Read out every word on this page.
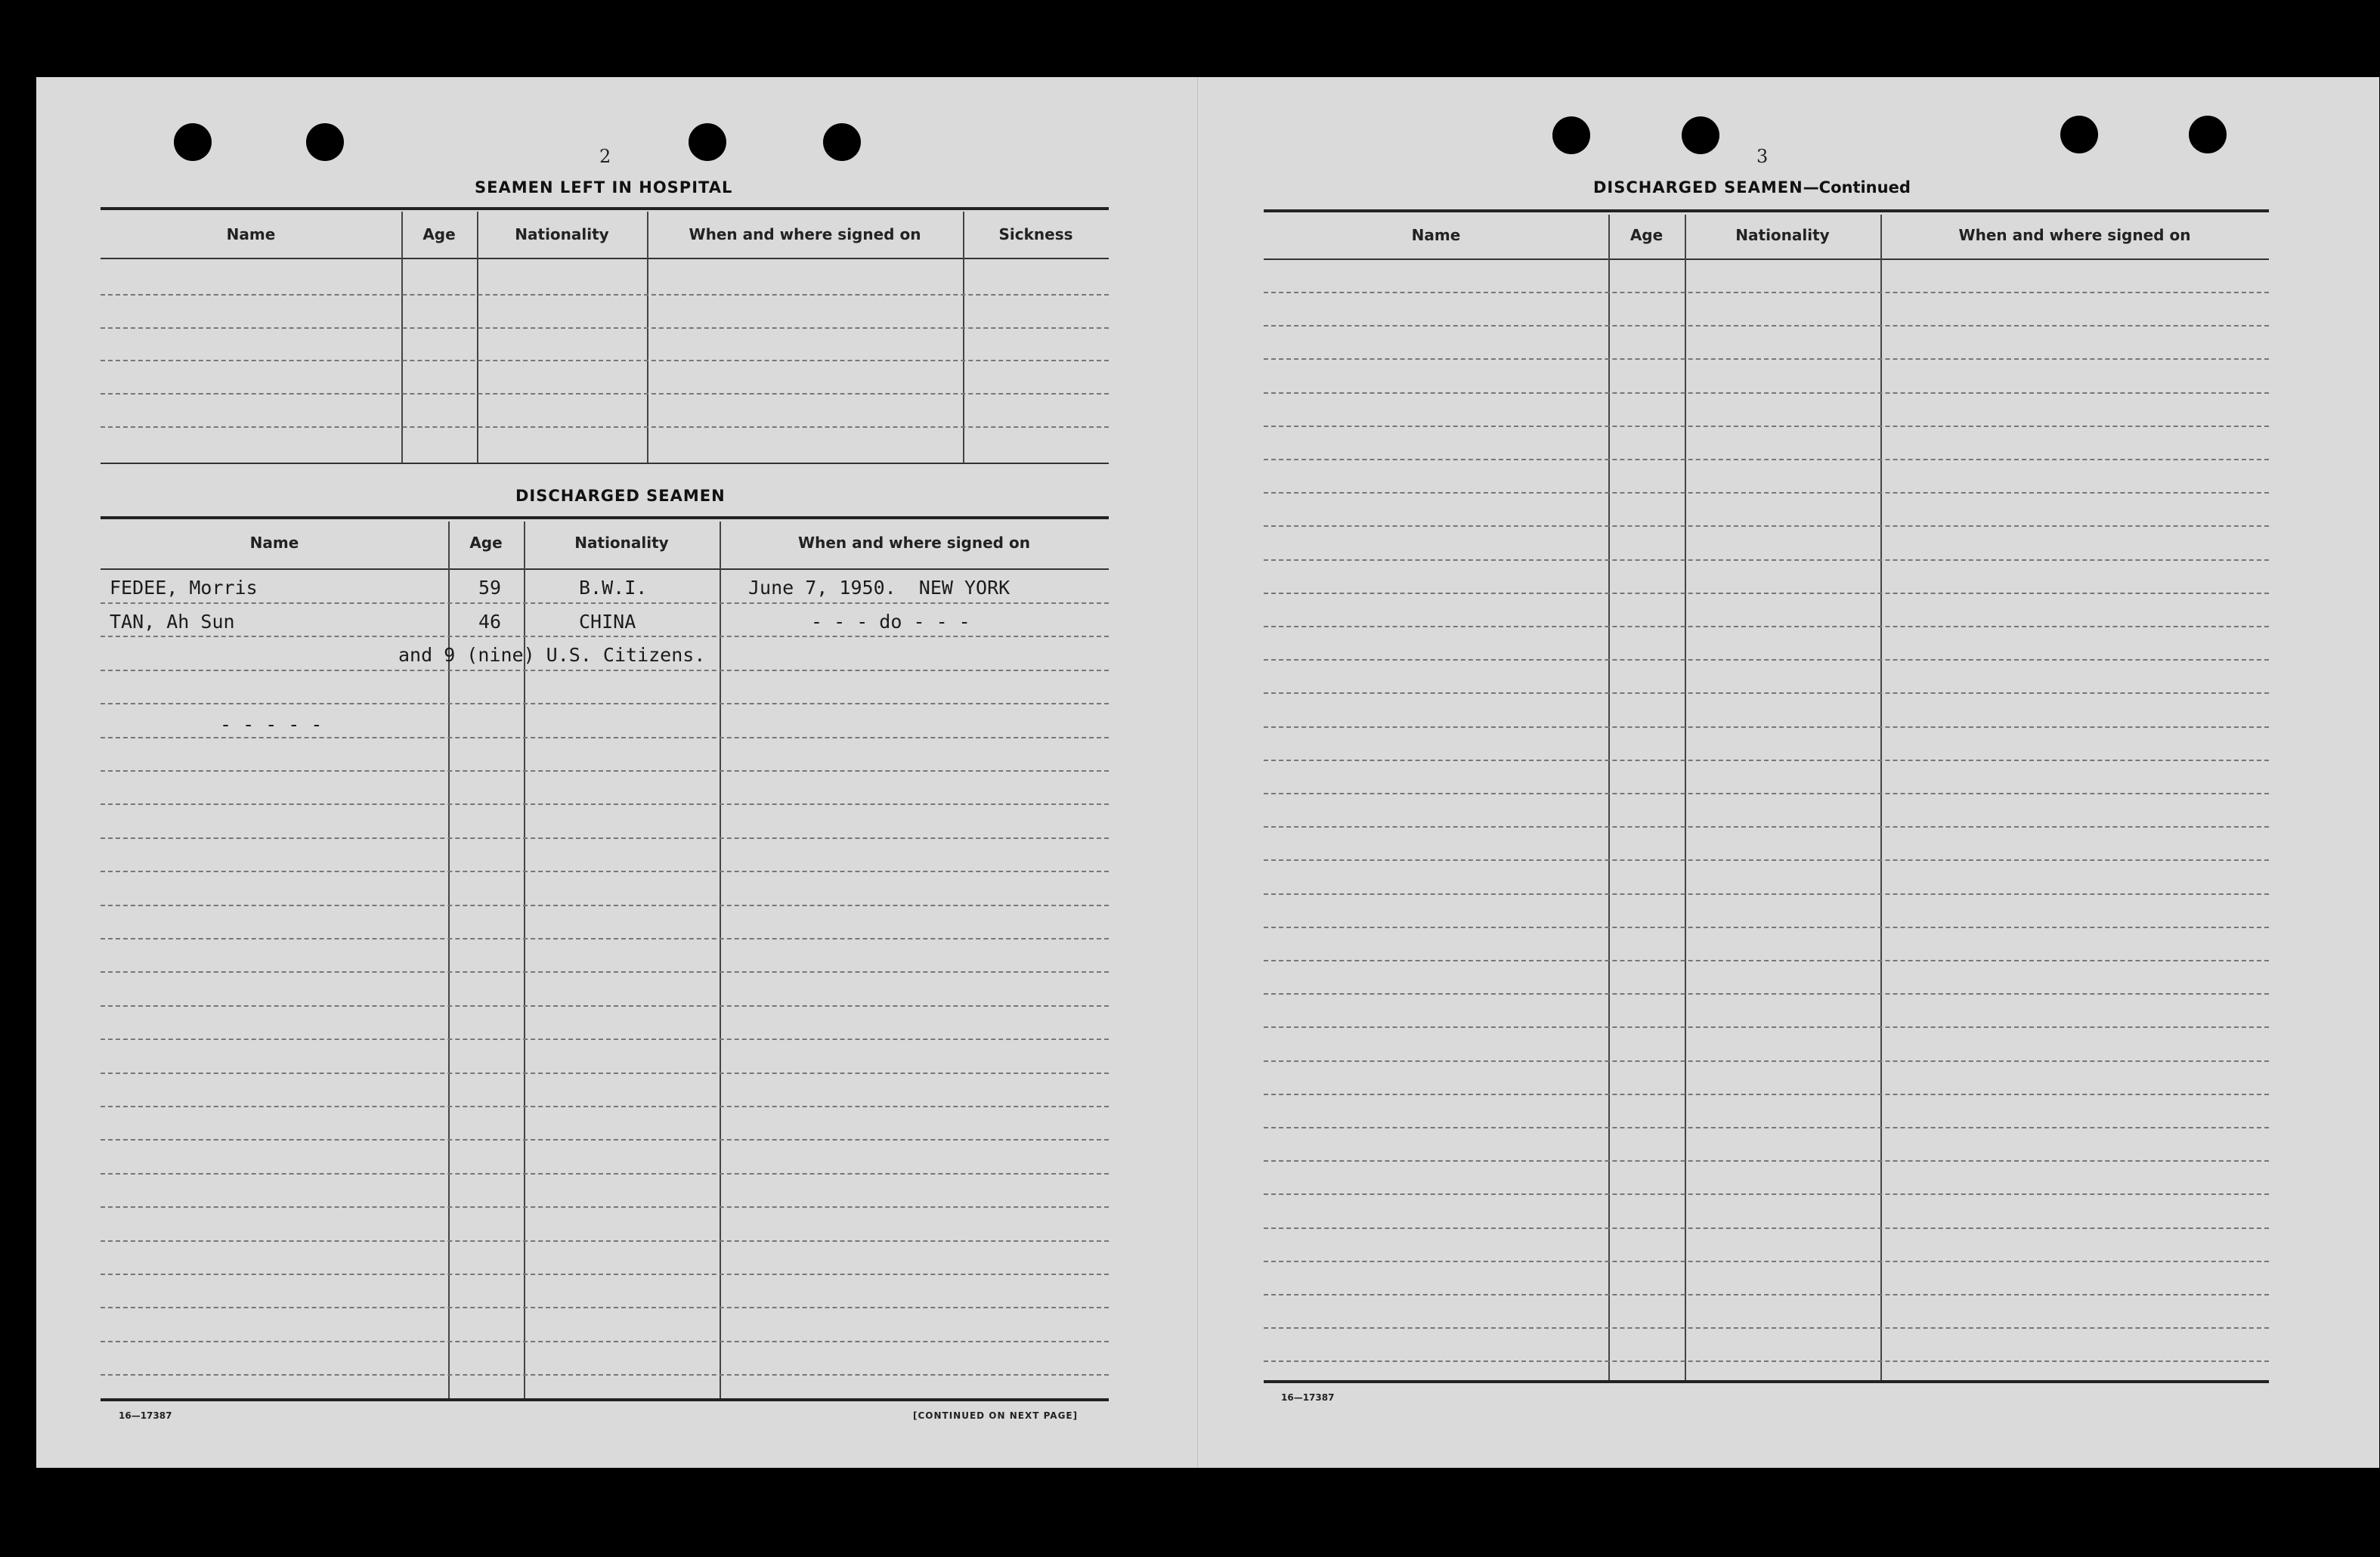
2
SEAMEN LEFT IN HOSPITAL
Name	Age	Nationality	When and where signed on	Sickness
DISCHARGED SEAMEN
Name	Age	Nationality	When and where signed on
FEDEE, Morris	59	B.W.I.	June 7, 1950.  NEW YORK
TAN, Ah Sun	46	CHINA	- - - do - - -
and 9 (nine) U.S. Citizens.
- - - - -
16—17387	[CONTINUED ON NEXT PAGE]
3
DISCHARGED SEAMEN—Continued
Name	Age	Nationality	When and where signed on
16—17387
